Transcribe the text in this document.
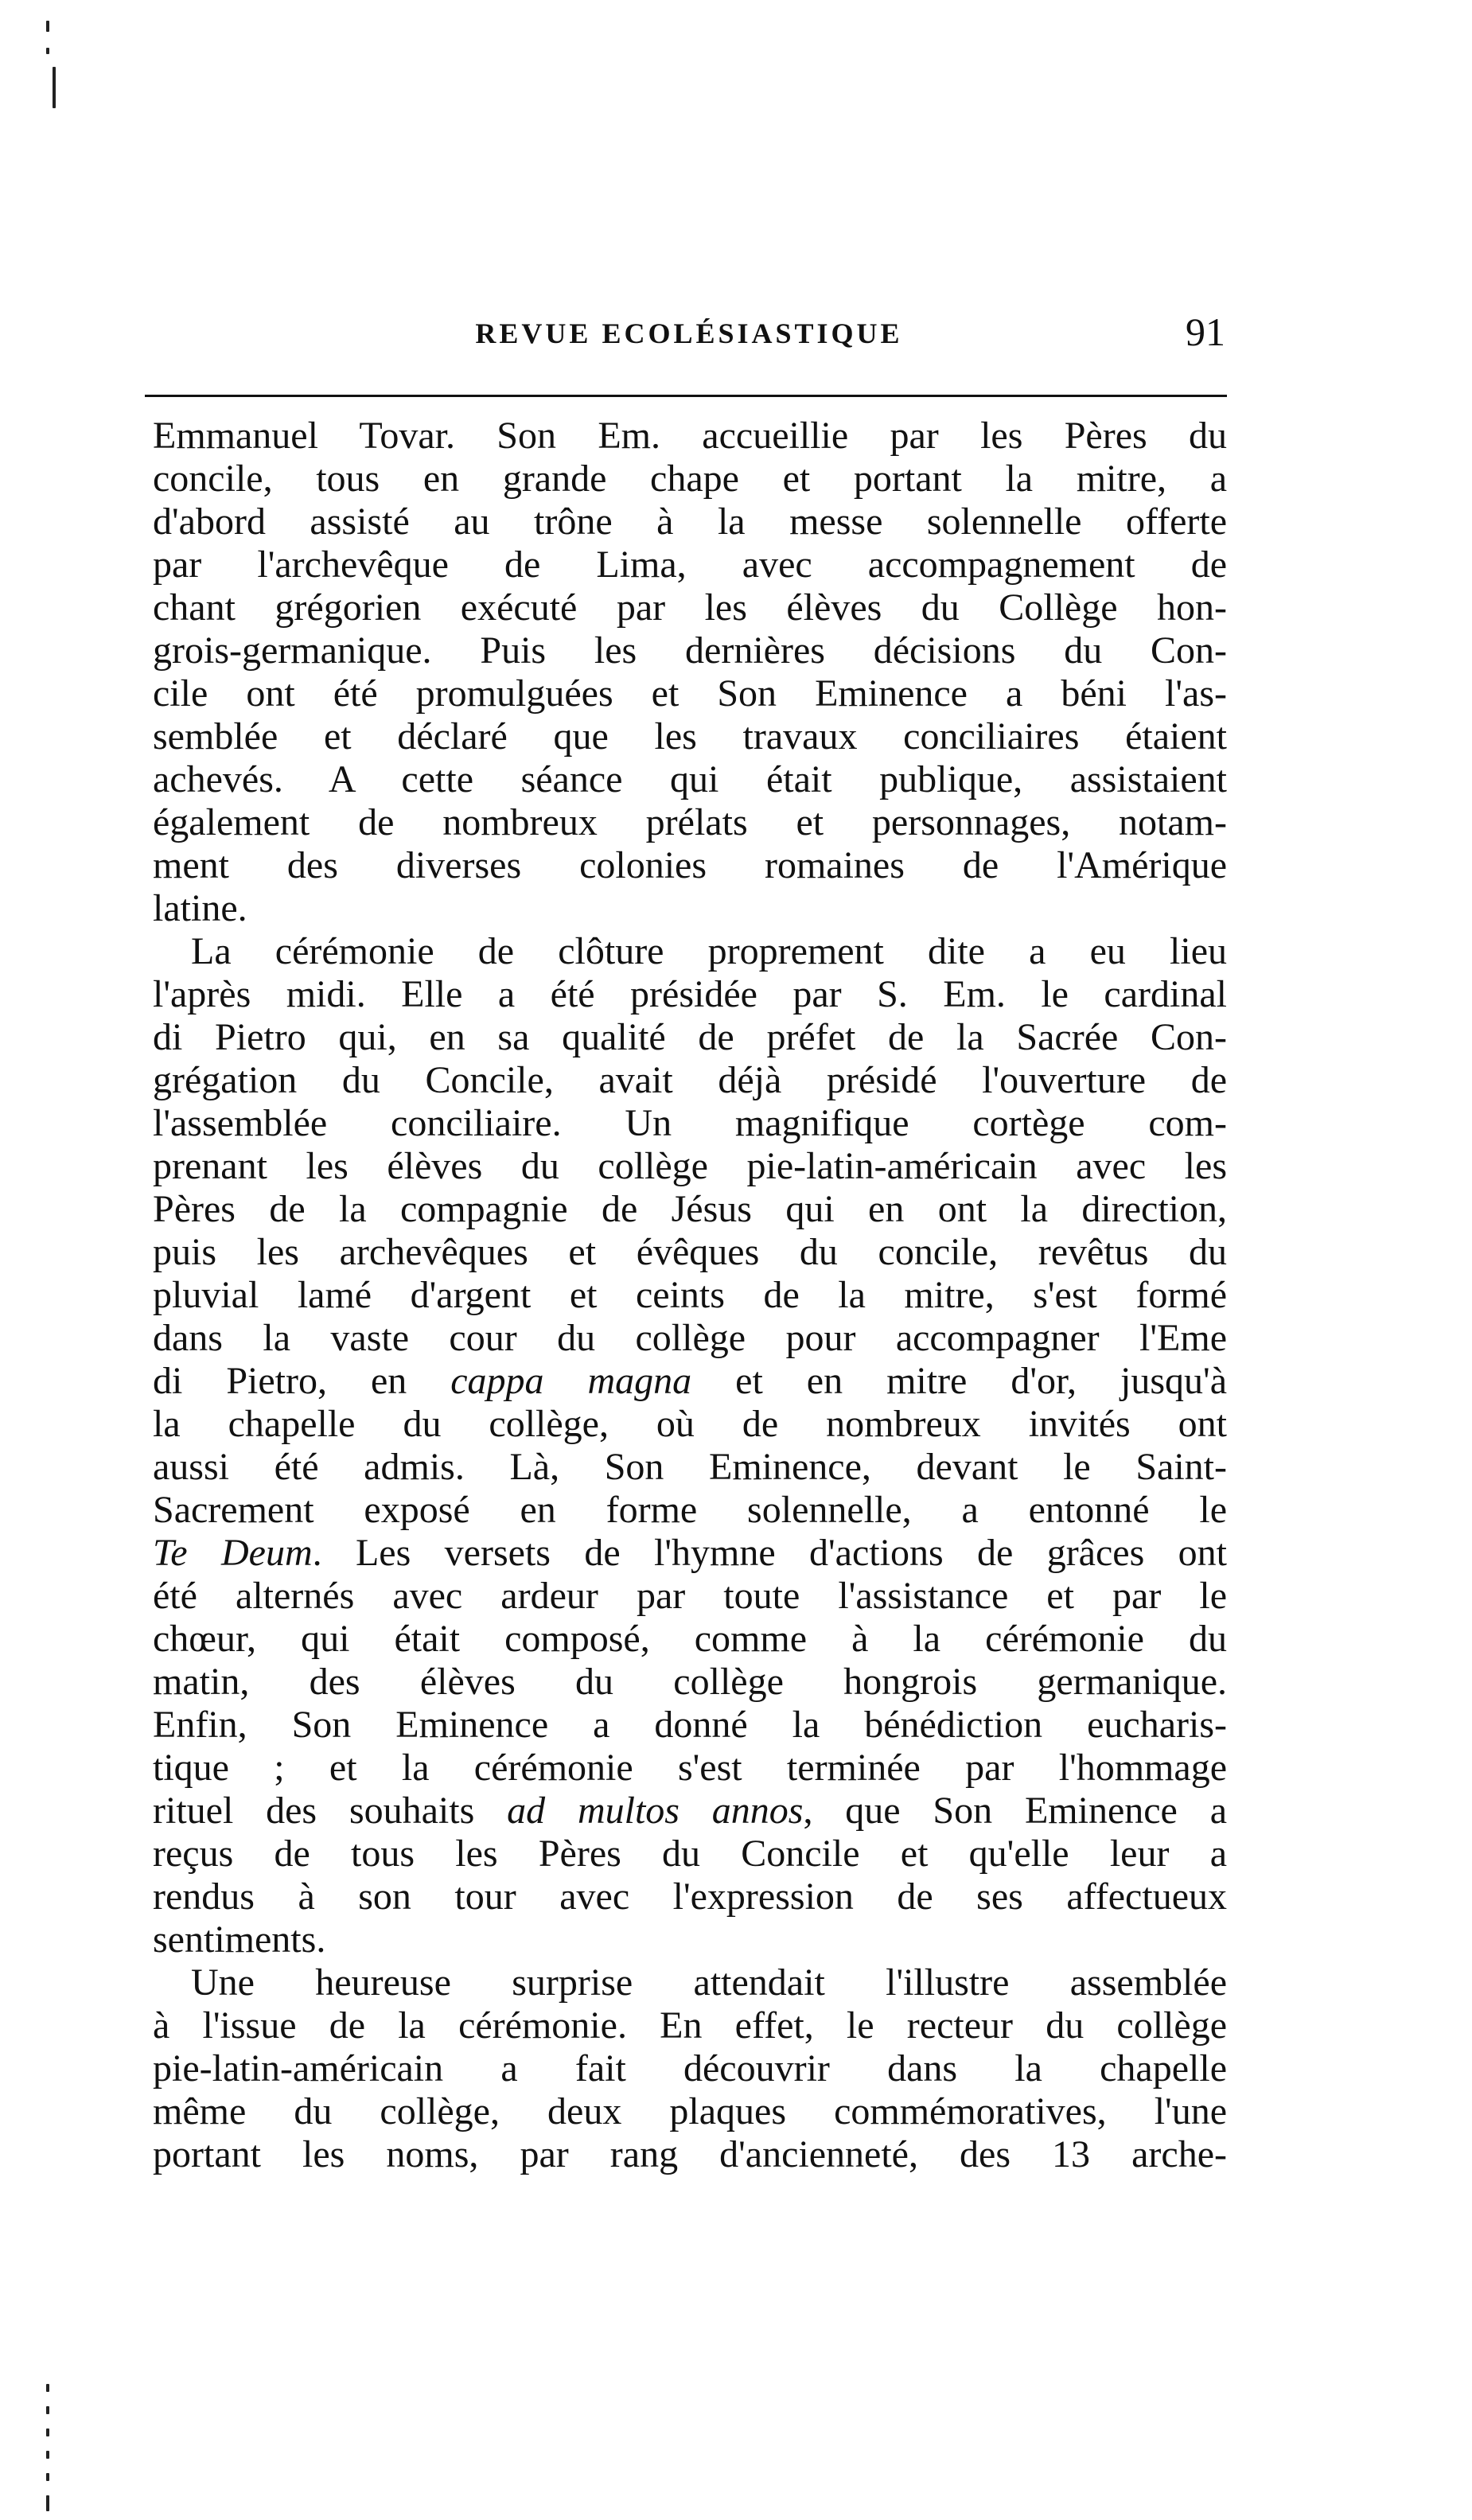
REVUE ECOLÉSIASTIQUE	91
Emmanuel Tovar. Son Em. accueillie par les Pères du
concile, tous en grande chape et portant la mitre, a
d'abord assisté au trône à la messe solennelle offerte
par l'archevêque de Lima, avec accompagnement de
chant grégorien exécuté par les élèves du Collège hon-
grois-germanique. Puis les dernières décisions du Con-
cile ont été promulguées et Son Eminence a béni l'as-
semblée et déclaré que les travaux conciliaires étaient
achevés. A cette séance qui était publique, assistaient
également de nombreux prélats et personnages, notam-
ment des diverses colonies romaines de l'Amérique
latine.
La cérémonie de clôture proprement dite a eu lieu
l'après midi. Elle a été présidée par S. Em. le cardinal
di Pietro qui, en sa qualité de préfet de la Sacrée Con-
grégation du Concile, avait déjà présidé l'ouverture de
l'assemblée conciliaire. Un magnifique cortège com-
prenant les élèves du collège pie-latin-américain avec les
Pères de la compagnie de Jésus qui en ont la direction,
puis les archevêques et évêques du concile, revêtus du
pluvial lamé d'argent et ceints de la mitre, s'est formé
dans la vaste cour du collège pour accompagner l'Eme
di Pietro, en cappa magna et en mitre d'or, jusqu'à
la chapelle du collège, où de nombreux invités ont
aussi été admis. Là, Son Eminence, devant le Saint-
Sacrement exposé en forme solennelle, a entonné le
Te Deum. Les versets de l'hymne d'actions de grâces ont
été alternés avec ardeur par toute l'assistance et par le
chœur, qui était composé, comme à la cérémonie du
matin, des élèves du collège hongrois germanique.
Enfin, Son Eminence a donné la bénédiction eucharis-
tique ; et la cérémonie s'est terminée par l'hommage
rituel des souhaits ad multos annos, que Son Eminence a
reçus de tous les Pères du Concile et qu'elle leur a
rendus à son tour avec l'expression de ses affectueux
sentiments.
Une heureuse surprise attendait l'illustre assemblée
à l'issue de la cérémonie. En effet, le recteur du collège
pie-latin-américain a fait découvrir dans la chapelle
même du collège, deux plaques commémoratives, l'une
portant les noms, par rang d'ancienneté, des 13 arche-
